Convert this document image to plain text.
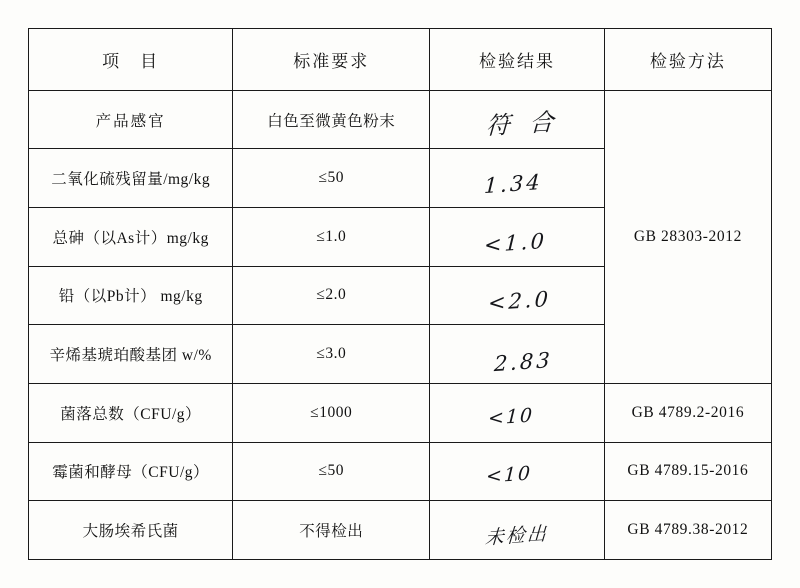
项　目	标准要求	检验结果	检验方法
产品感官	白色至微黄色粉末	符 合	GB 28303-2012
二氧化硫残留量/mg/kg	≤50	1.34	

总砷（以As计）mg/kg	≤1.0	<1.0	

铅（以Pb计） mg/kg	≤2.0	<2.0	

辛烯基琥珀酸基团 w/%	≤3.0	2.83	

菌落总数（CFU/g）	≤1000	<10	GB 4789.2-2016
霉菌和酵母（CFU/g）	≤50	<10	GB 4789.15-2016
大肠埃希氏菌	不得检出	未检出	GB 4789.38-2012
